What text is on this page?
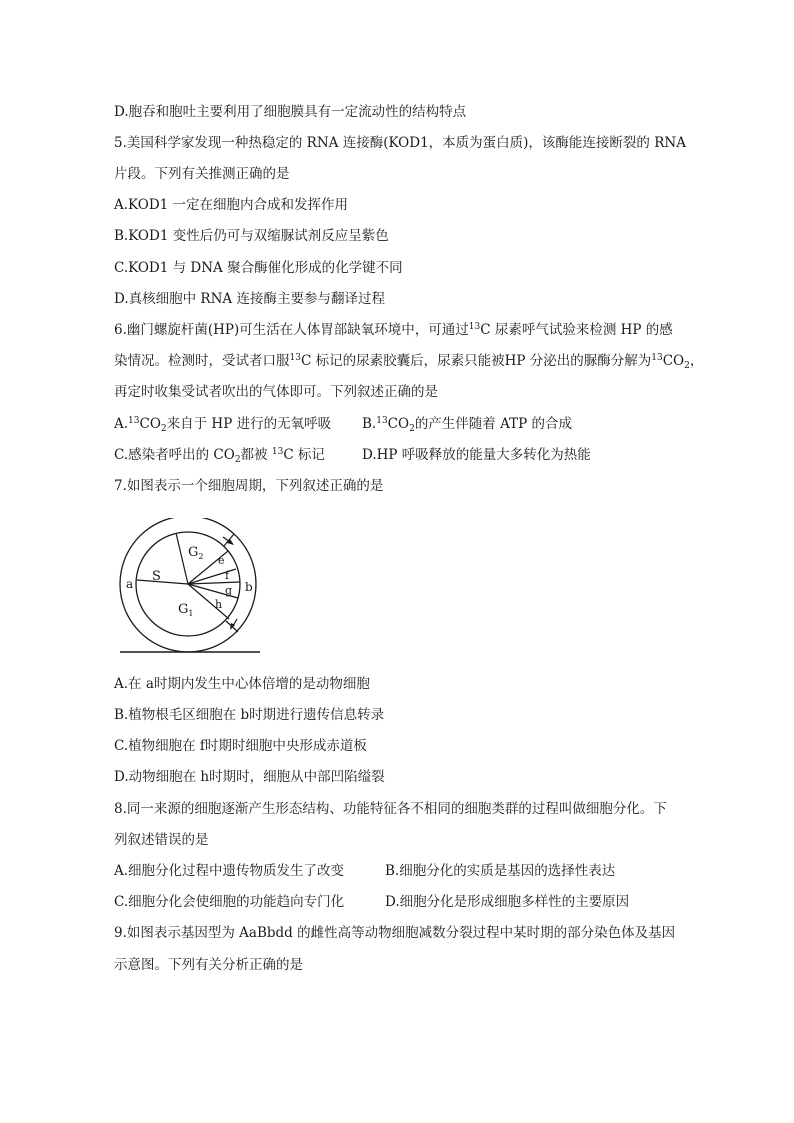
D.胞吞和胞吐主要利用了细胞膜具有一定流动性的结构特点
5.美国科学家发现一种热稳定的 RNA 连接酶(KOD1，本质为蛋白质)，该酶能连接断裂的 RNA
片段。下列有关推测正确的是
A.KOD1 一定在细胞内合成和发挥作用
B.KOD1 变性后仍可与双缩脲试剂反应呈紫色
C.KOD1 与 DNA 聚合酶催化形成的化学键不同
D.真核细胞中 RNA 连接酶主要参与翻译过程
6.幽门螺旋杆菌(HP)可生活在人体胃部缺氧环境中，可通过$^{13}$C 尿素呼气试验来检测 HP 的感
染情况。检测时，受试者口服$^{13}$C 标记的尿素胶囊后，尿素只能被HP 分泌出的脲酶分解为$^{13}CO_2$，
再定时收集受试者吹出的气体即可。下列叙述正确的是
$A.^{13}CO_2$来自于 HP 进行的无氧呼吸 $B.^{13}CO_2$的产生伴随着 ATP 的合成
C.感染者呼出的 $CO_2$都被 $^{13}$C 标记	D.HP 呼吸释放的能量大多转化为热能
7.如图表示一个细胞周期，下列叙述正确的是
S
$G_2$
$G_1$
e
f
g
h
a	b
A.在 a时期内发生中心体倍增的是动物细胞
B.植物根毛区细胞在 b时期进行遗传信息转录
C.植物细胞在 f时期时细胞中央形成赤道板
D.动物细胞在 h时期时，细胞从中部凹陷缢裂
8.同一来源的细胞逐渐产生形态结构、功能特征各不相同的细胞类群的过程叫做细胞分化。下
列叙述错误的是
A.细胞分化过程中遗传物质发生了改变	B.细胞分化的实质是基因的选择性表达
C.细胞分化会使细胞的功能趋向专门化	D.细胞分化是形成细胞多样性的主要原因
9.如图表示基因型为 AaBbdd 的雌性高等动物细胞减数分裂过程中某时期的部分染色体及基因
示意图。下列有关分析正确的是
